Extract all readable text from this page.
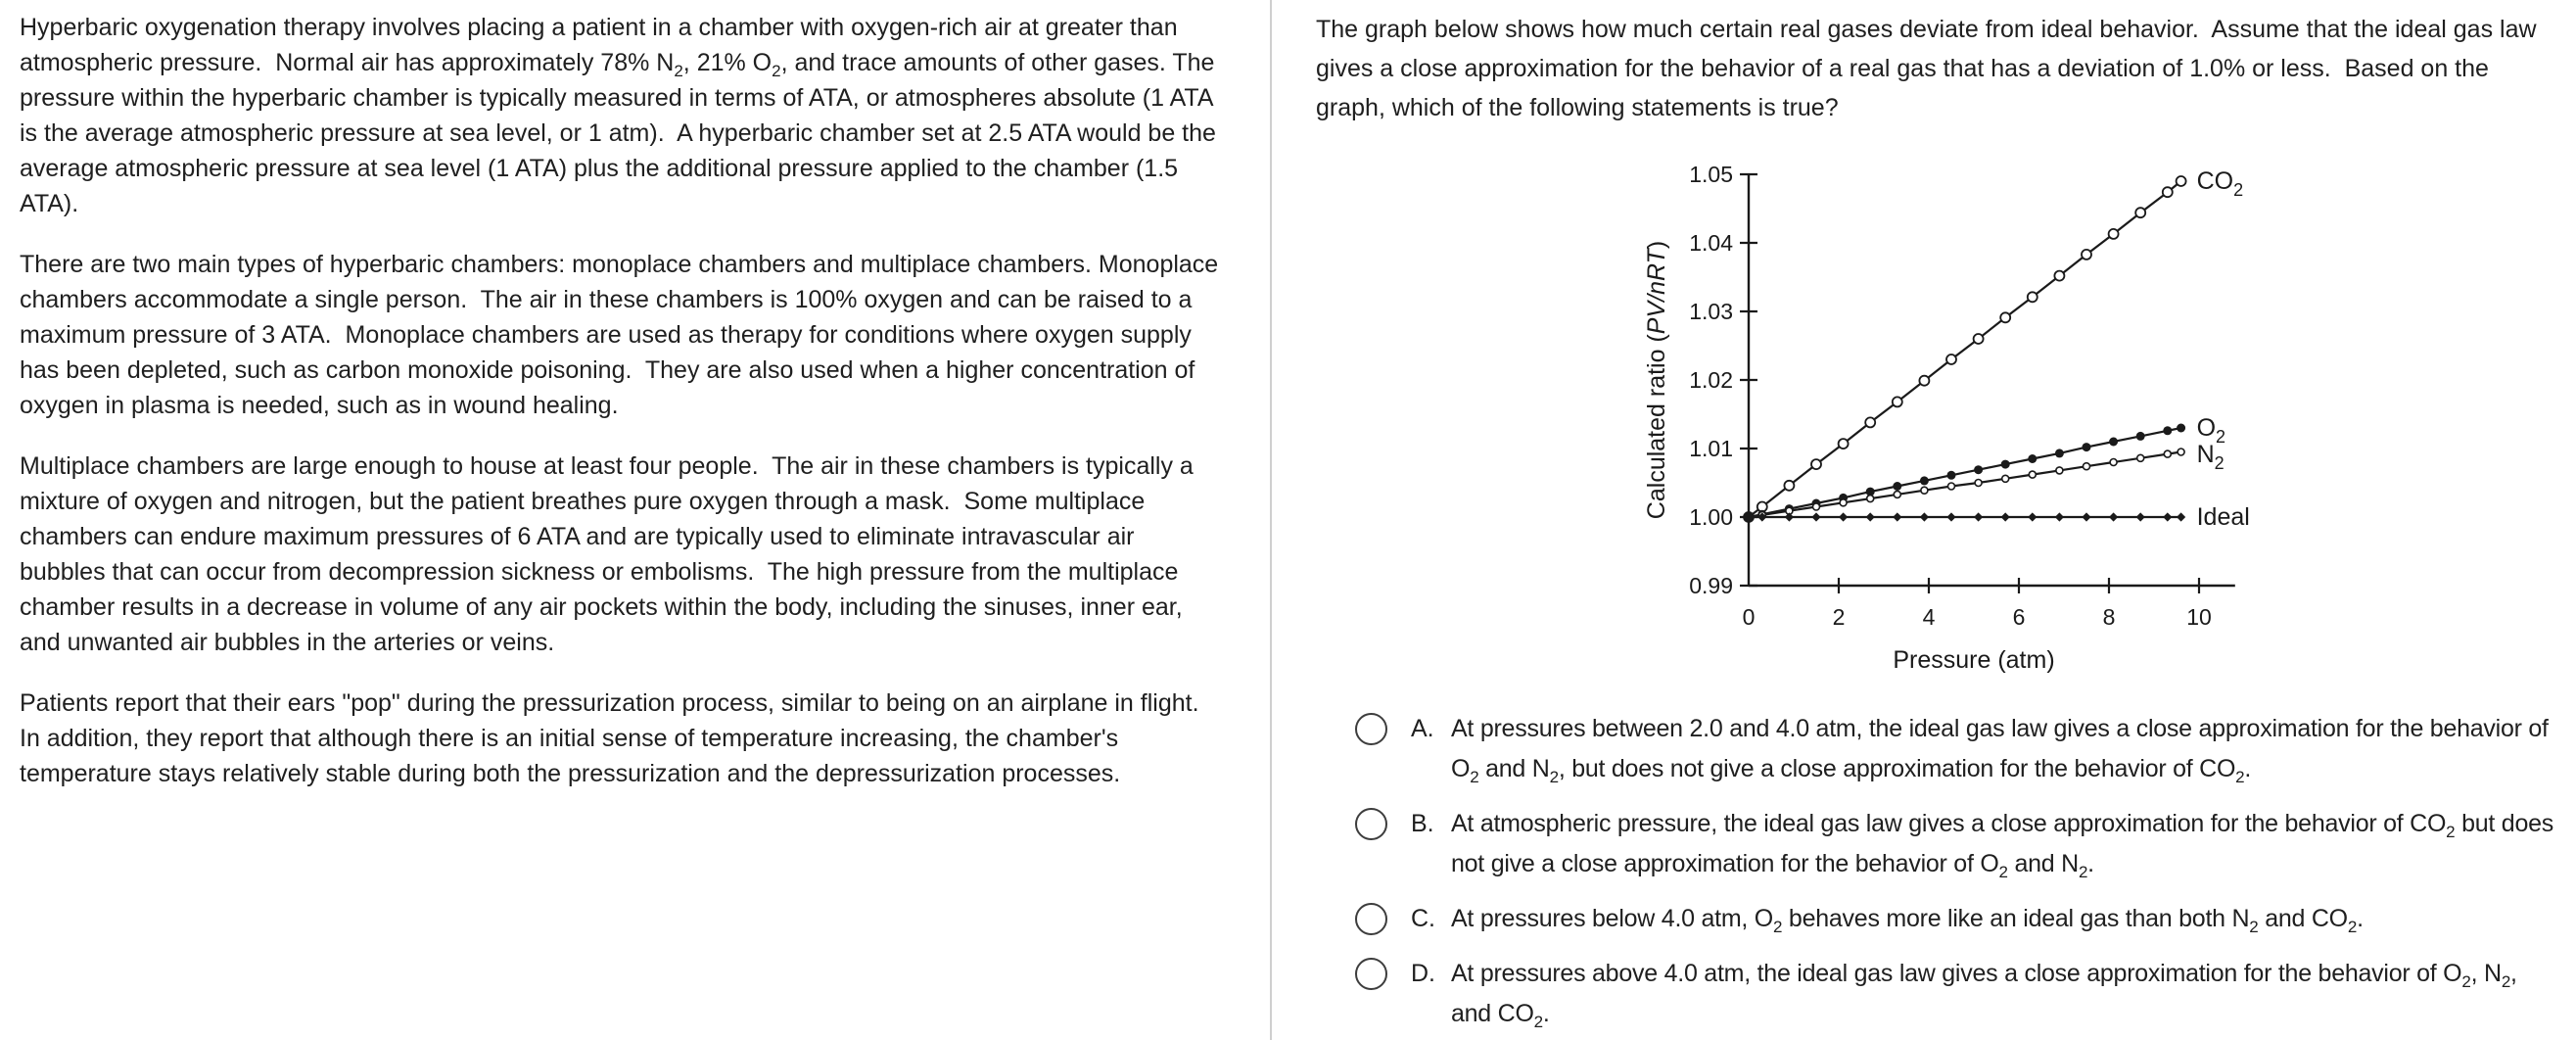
Hyperbaric oxygenation therapy involves placing a patient in a chamber with oxygen-rich air at greater than atmospheric pressure.  Normal air has approximately 78% $N_2$, 21% $O_2$, and trace amounts of other gases. The pressure within the hyperbaric chamber is typically measured in terms of ATA, or atmospheres absolute (1 ATA is the average atmospheric pressure at sea level, or 1 atm).  A hyperbaric chamber set at 2.5 ATA would be the average atmospheric pressure at sea level (1 ATA) plus the additional pressure applied to the chamber (1.5 ATA).

There are two main types of hyperbaric chambers: monoplace chambers and multiplace chambers. Monoplace chambers accommodate a single person.  The air in these chambers is 100% oxygen and can be raised to a maximum pressure of 3 ATA.  Monoplace chambers are used as therapy for conditions where oxygen supply has been depleted, such as carbon monoxide poisoning.  They are also used when a higher concentration of oxygen in plasma is needed, such as in wound healing.

Multiplace chambers are large enough to house at least four people.  The air in these chambers is typically a mixture of oxygen and nitrogen, but the patient breathes pure oxygen through a mask.  Some multiplace chambers can endure maximum pressures of 6 ATA and are typically used to eliminate intravascular air bubbles that can occur from decompression sickness or embolisms.  The high pressure from the multiplace chamber results in a decrease in volume of any air pockets within the body, including the sinuses, inner ear, and unwanted air bubbles in the arteries or veins.

Patients report that their ears "pop" during the pressurization process, similar to being on an airplane in flight.  In addition, they report that although there is an initial sense of temperature increasing, the chamber's temperature stays relatively stable during both the pressurization and the depressurization processes.

The graph below shows how much certain real gases deviate from ideal behavior.  Assume that the ideal gas law gives a close approximation for the behavior of a real gas that has a deviation of 1.0% or less.  Based on the graph, which of the following statements is true?

0.99
1.00
1.01
1.02
1.03
1.04
1.05
0	2	4	6	8	10
Calculated ratio (PV/nRT)
Pressure (atm)
$CO_2$
$O_2$
$N_2$
Ideal
A. At pressures between 2.0 and 4.0 atm, the ideal gas law gives a close approximation for the behavior of $O_2$ and $N_2$, but does not give a close approximation for the behavior of $CO_2$.
B. At atmospheric pressure, the ideal gas law gives a close approximation for the behavior of $CO_2$ but does not give a close approximation for the behavior of $O_2$ and $N_2$.
C. At pressures below 4.0 atm, $O_2$ behaves more like an ideal gas than both $N_2$ and $CO_2$.
D. At pressures above 4.0 atm, the ideal gas law gives a close approximation for the behavior of $O_2$, $N_2$, and $CO_2$.
